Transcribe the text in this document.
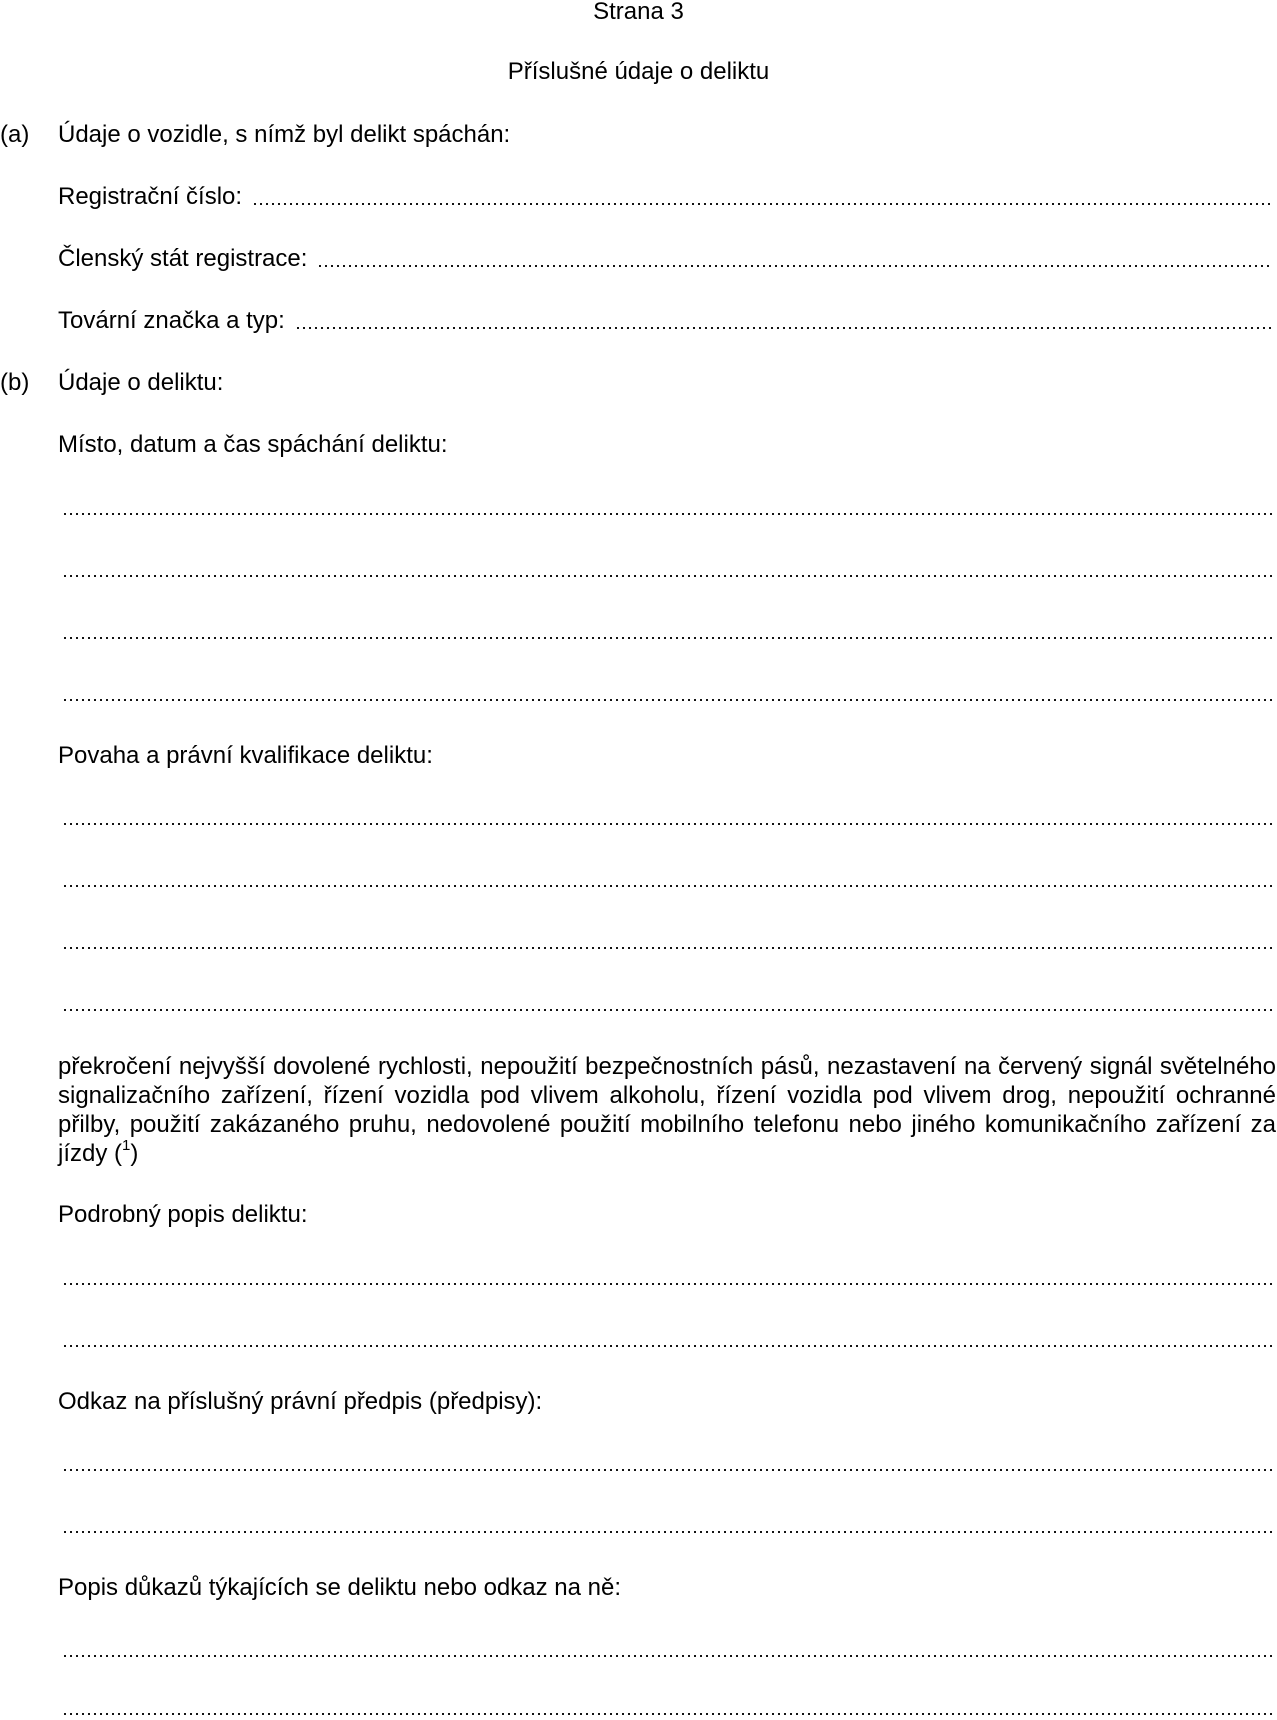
Strana 3
Příslušné údaje o deliktu
(a) Údaje o vozidle, s nímž byl delikt spáchán:
Registrační číslo:
Členský stát registrace:
Tovární značka a typ:
(b) Údaje o deliktu:
Místo, datum a čas spáchání deliktu:
Povaha a právní kvalifikace deliktu:
překročení nejvyšší dovolené rychlosti, nepoužití bezpečnostních pásů, nezastavení na červený signál světelného signalizačního zařízení, řízení vozidla pod vlivem alkoholu, řízení vozidla pod vlivem drog, nepoužití ochranné přilby, použití zakázaného pruhu, nedovolené použití mobilního telefonu nebo jiného komunikačního zařízení za jízdy ($^1$)
Podrobný popis deliktu:
Odkaz na příslušný právní předpis (předpisy):
Popis důkazů týkajících se deliktu nebo odkaz na ně:
